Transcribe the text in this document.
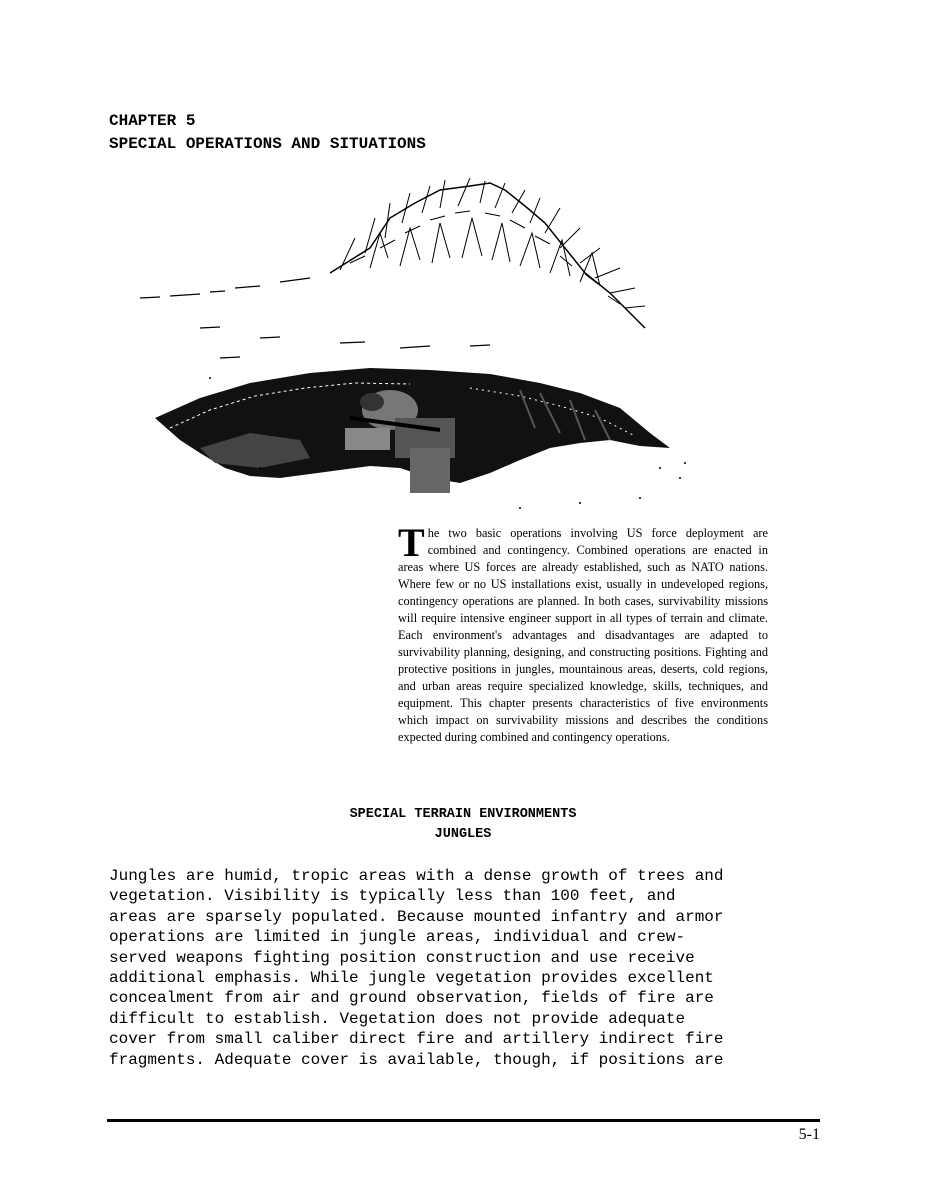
CHAPTER 5
SPECIAL OPERATIONS AND SITUATIONS

The two basic operations involving US force deployment are combined and contingency. Combined operations are enacted in areas where US forces are already established, such as NATO nations. Where few or no US installations exist, usually in undeveloped regions, contingency operations are planned. In both cases, survivability missions will require intensive engineer support in all types of terrain and climate. Each environment's advantages and disadvantages are adapted to survivability planning, designing, and constructing positions. Fighting and protective positions in jungles, mountainous areas, deserts, cold regions, and urban areas require specialized knowledge, skills, techniques, and equipment. This chapter presents characteristics of five environments which impact on survivability missions and describes the conditions expected during combined and contingency operations.

SPECIAL TERRAIN ENVIRONMENTS
JUNGLES
Jungles are humid, tropic areas with a dense growth of trees and
vegetation. Visibility is typically less than 100 feet, and
areas are sparsely populated. Because mounted infantry and armor
operations are limited in jungle areas, individual and crew-
served weapons fighting position construction and use receive
additional emphasis. While jungle vegetation provides excellent
concealment from air and ground observation, fields of fire are
difficult to establish. Vegetation does not provide adequate
cover from small caliber direct fire and artillery indirect fire
fragments. Adequate cover is available, though, if positions are
5-1
